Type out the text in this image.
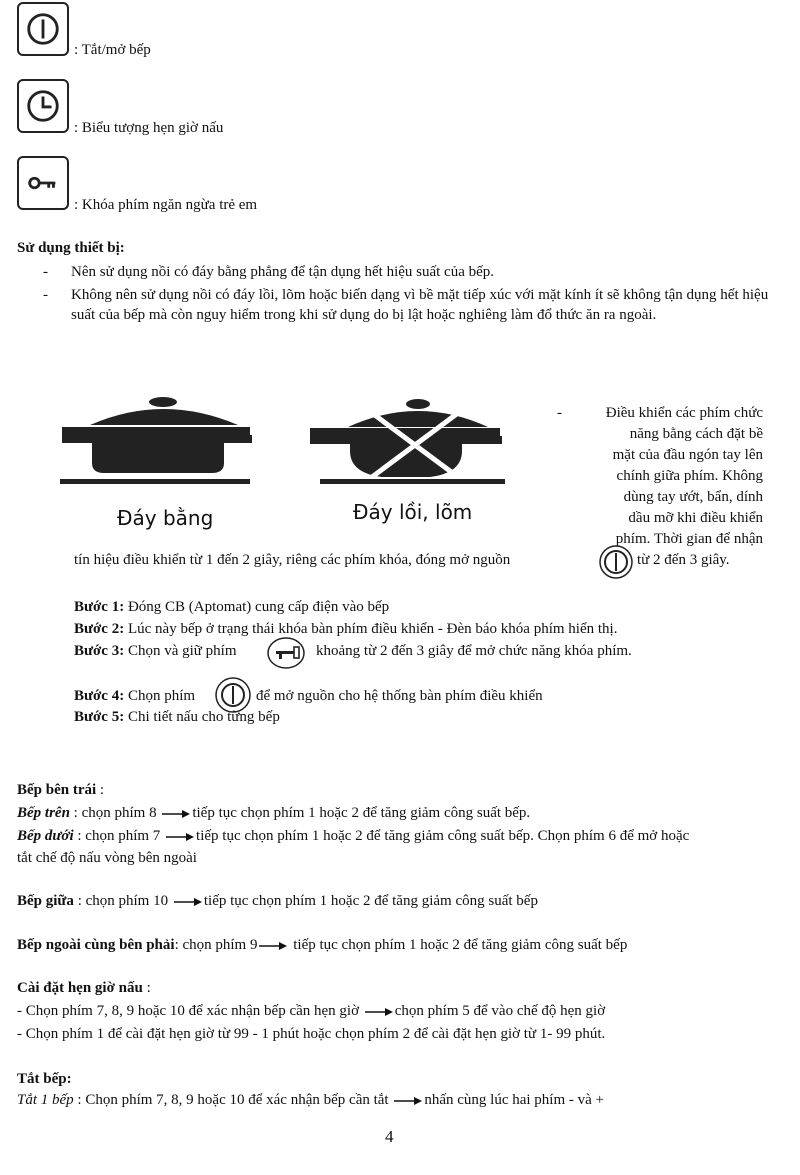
: Tắt/mở bếp
: Biểu tượng hẹn giờ nấu
: Khóa phím ngăn ngừa trẻ em
Sử dụng thiết bị:
- Nên sử dụng nồi có đáy bằng phẳng để tận dụng hết hiệu suất của bếp.
- Không nên sử dụng nồi có đáy lồi, lõm hoặc biến dạng vì bề mặt tiếp xúc với mặt kính ít sẽ không tận dụng hết hiệu suất của bếp mà còn nguy hiểm trong khi sử dụng do bị lật hoặc nghiêng làm đổ thức ăn ra ngoài.
Đáy bằng	Đáy lồi, lõm
-	Điều khiển các phím chức
năng bằng cách đặt bề
mặt của đầu ngón tay lên
chính giữa phím. Không
dùng tay ướt, bẩn, dính
dầu mỡ khi điều khiển
phím. Thời gian để nhận
tín hiệu điều khiển từ 1 đến 2 giây, riêng các phím khóa, đóng mở nguồn	từ 2 đến 3 giây.
Bước 1: Đóng CB (Aptomat) cung cấp điện vào bếp
Bước 2: Lúc này bếp ở trạng thái khóa bàn phím điều khiển - Đèn báo khóa phím hiển thị.
Bước 3: Chọn và giữ phím	khoảng từ 2 đến 3 giây để mở chức năng khóa phím.
Bước 4: Chọn phím	để mở nguồn cho hệ thống bàn phím điều khiển
Bước 5: Chi tiết nấu cho từng bếp
Bếp bên trái :
Bếp trên : chọn phím 8 tiếp tục chọn phím 1 hoặc 2 để tăng giảm công suất bếp.
Bếp dưới : chọn phím 7 tiếp tục chọn phím 1 hoặc 2 để tăng giảm công suất bếp. Chọn phím 6 để mở hoặc
tắt chế độ nấu vòng bên ngoài
Bếp giữa : chọn phím 10 tiếp tục chọn phím 1 hoặc 2 để tăng giảm công suất bếp
Bếp ngoài cùng bên phải: chọn phím 9 tiếp tục chọn phím 1 hoặc 2 để tăng giảm công suất bếp
Cài đặt hẹn giờ nấu :
- Chọn phím 7, 8, 9 hoặc 10 để xác nhận bếp cần hẹn giờ chọn phím 5 để vào chế độ hẹn giờ
- Chọn phím 1 để cài đặt hẹn giờ từ 99 - 1 phút hoặc chọn phím 2 để cài đặt hẹn giờ từ 1- 99 phút.
Tắt bếp:
Tắt 1 bếp : Chọn phím 7, 8, 9 hoặc 10 để xác nhận bếp cần tắt nhấn cùng lúc hai phím - và +
4
